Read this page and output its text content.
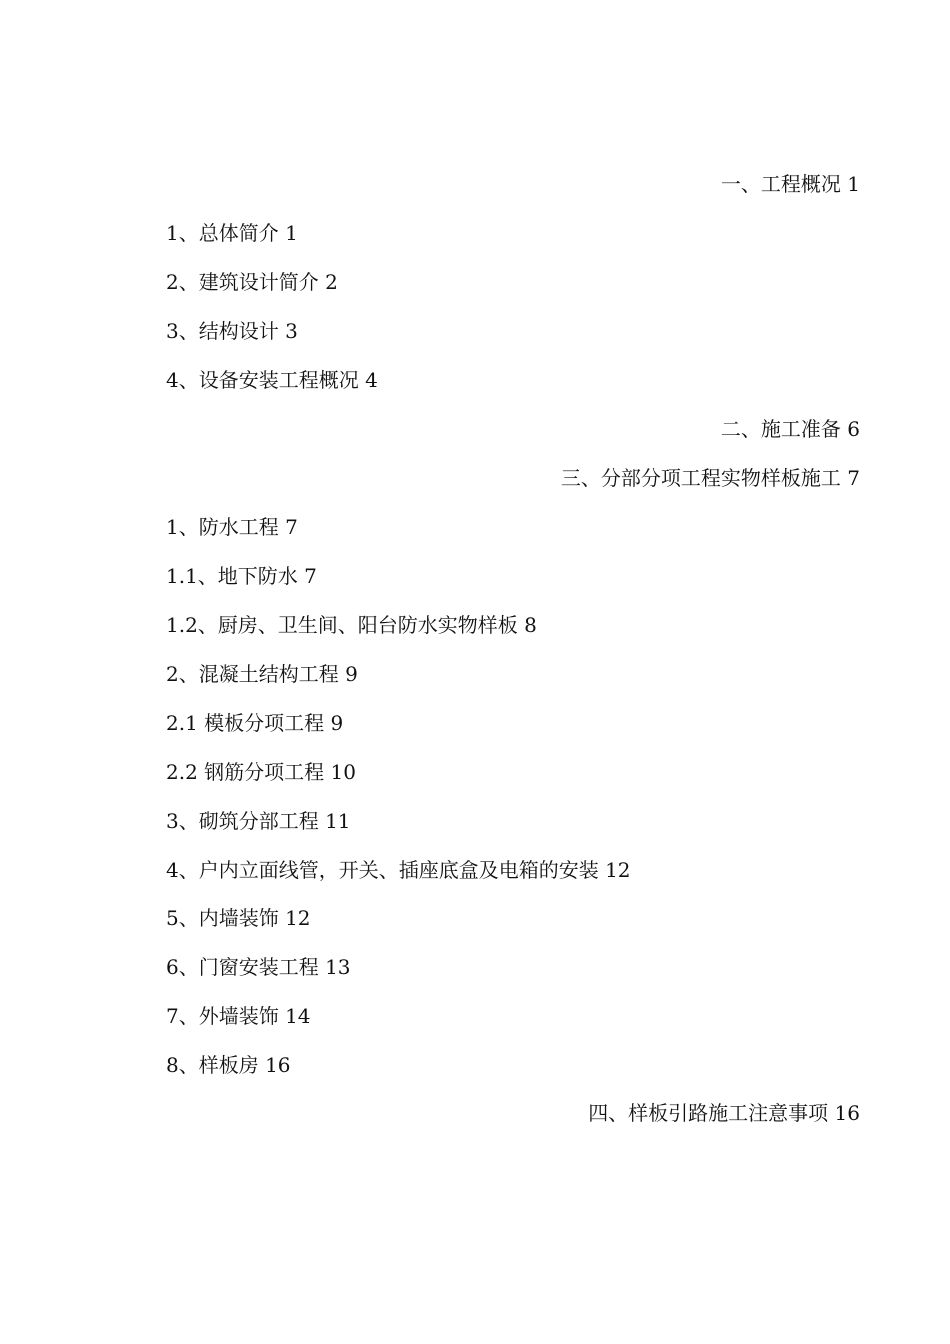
一、工程概况 1
1、总体简介 1
2、建筑设计简介 2
3、结构设计 3
4、设备安装工程概况 4
二、施工准备 6
三、分部分项工程实物样板施工 7
1、防水工程 7
1.1、地下防水 7
1.2、厨房、卫生间、阳台防水实物样板 8
2、混凝土结构工程 9
2.1 模板分项工程 9
2.2 钢筋分项工程 10
3、砌筑分部工程 11
4、户内立面线管，开关、插座底盒及电箱的安装 12
5、内墙装饰 12
6、门窗安装工程 13
7、外墙装饰 14
8、样板房 16
四、样板引路施工注意事项 16
